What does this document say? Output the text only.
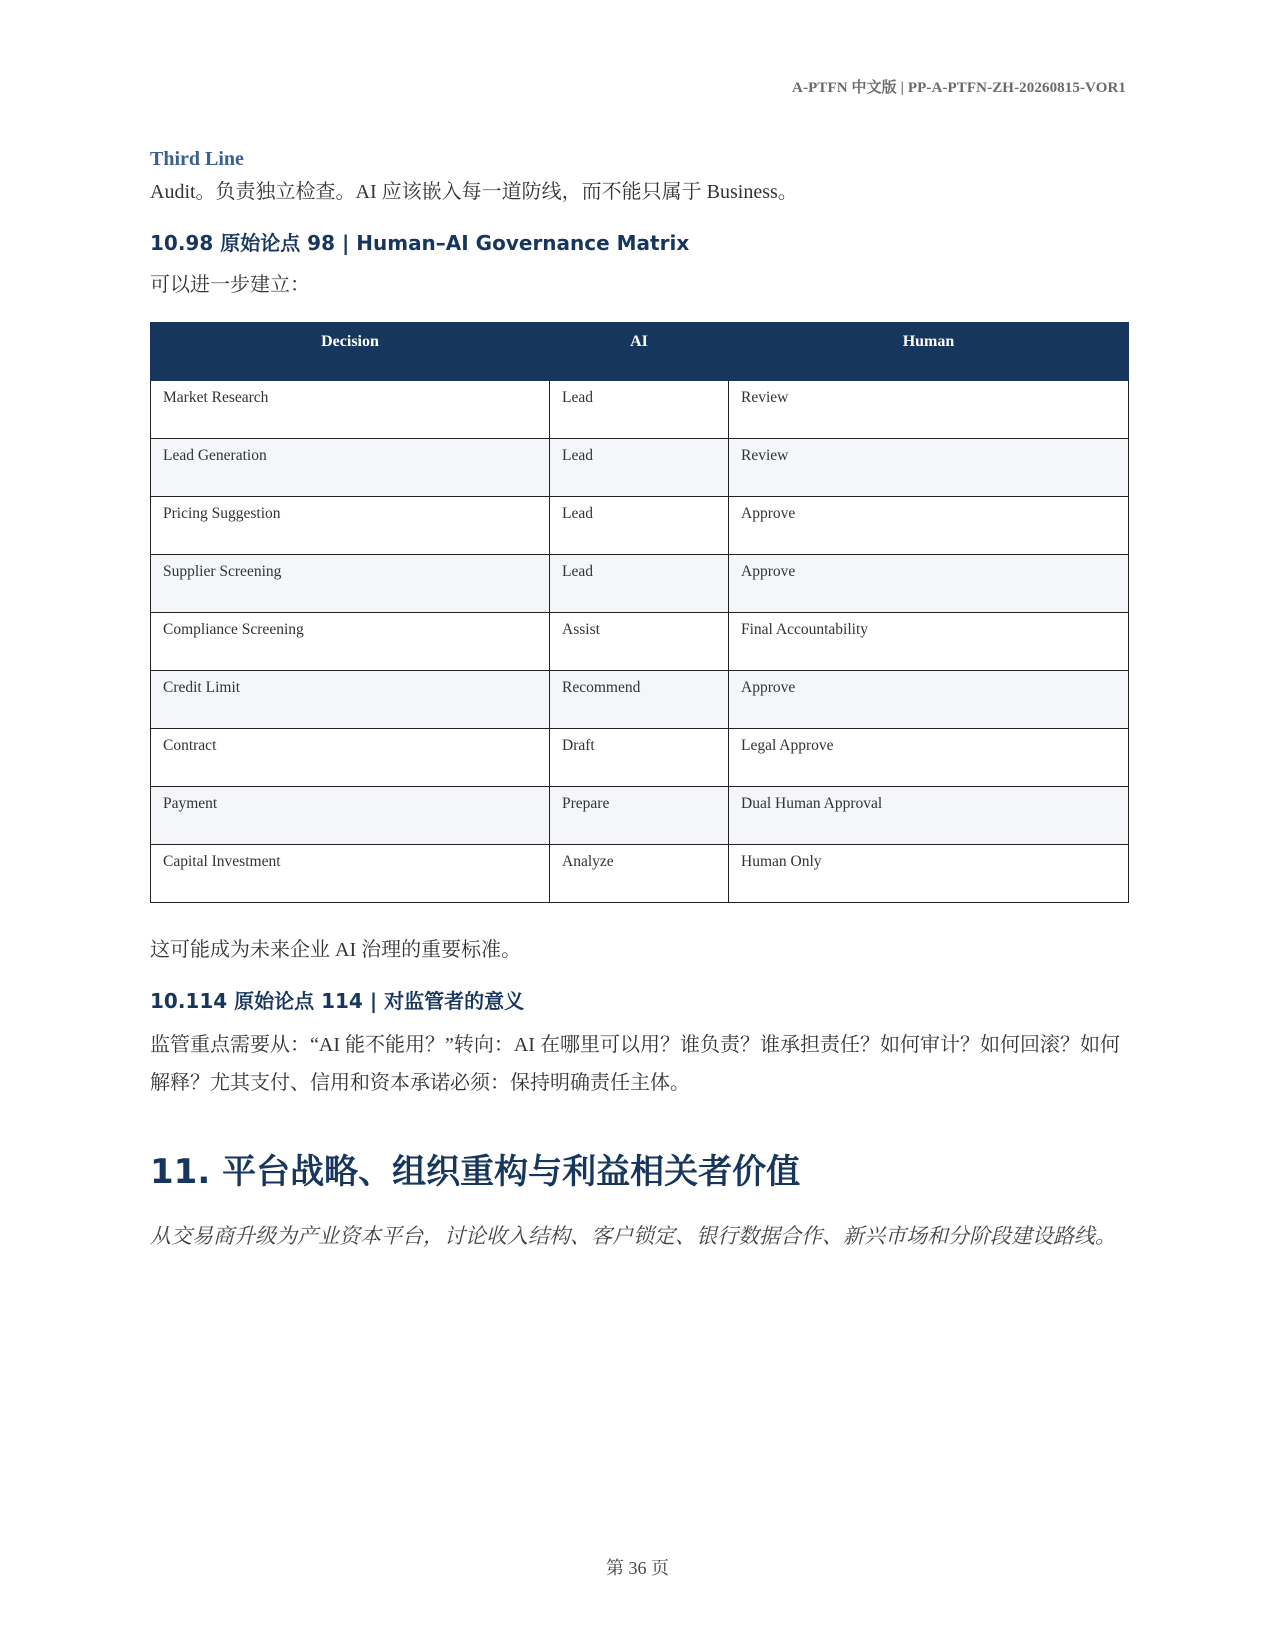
A-PTFN 中文版 | PP-A-PTFN-ZH-20260815-VOR1

Third Line

Audit。负责独立检查。AI 应该嵌入每一道防线，而不能只属于 Business。

10.98 原始论点 98 | Human–AI Governance Matrix

可以进一步建立：

Decision	AI	Human
Market Research	Lead	Review
Lead Generation	Lead	Review
Pricing Suggestion	Lead	Approve
Supplier Screening	Lead	Approve
Compliance Screening	Assist	Final Accountability
Credit Limit	Recommend	Approve
Contract	Draft	Legal Approve
Payment	Prepare	Dual Human Approval
Capital Investment	Analyze	Human Only

这可能成为未来企业 AI 治理的重要标准。

10.114 原始论点 114 | 对监管者的意义

监管重点需要从：“AI 能不能用？”转向：AI 在哪里可以用？谁负责？谁承担责任？如何审计？如何回滚？如何解释？尤其支付、信用和资本承诺必须：保持明确责任主体。

11. 平台战略、组织重构与利益相关者价值

从交易商升级为产业资本平台，讨论收入结构、客户锁定、银行数据合作、新兴市场和分阶段建设路线。

第 36 页
